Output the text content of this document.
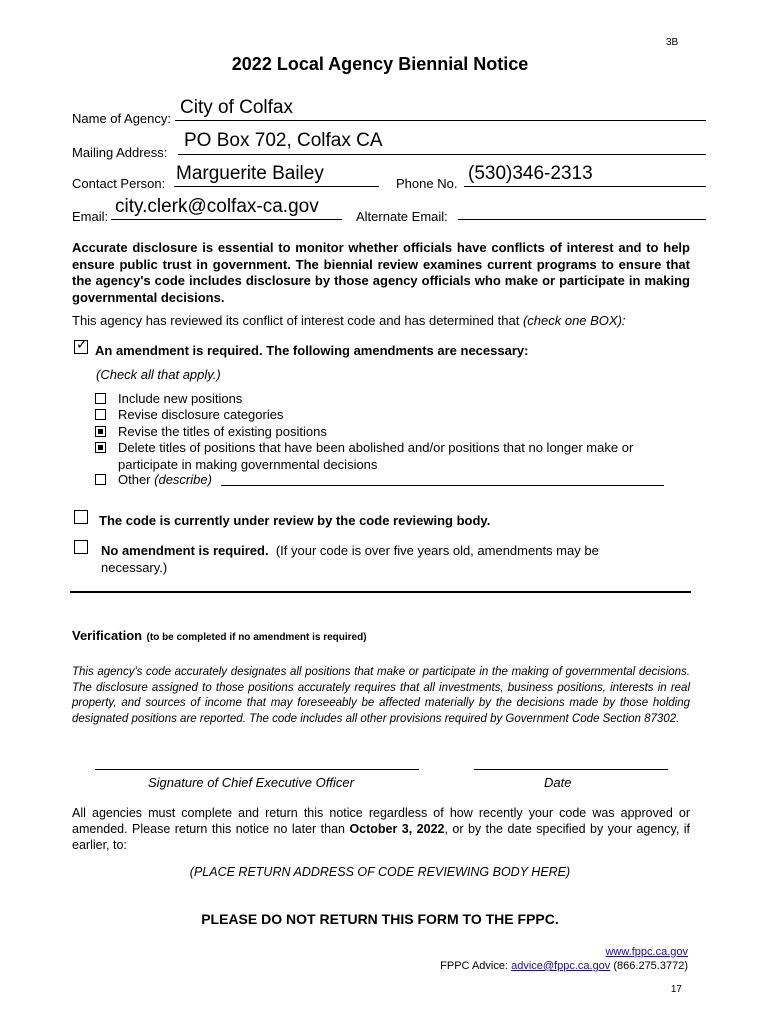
3B
2022 Local Agency Biennial Notice
Name of Agency:
City of Colfax
Mailing Address:
PO Box 702, Colfax CA
Contact Person: Marguerite Bailey	Phone No. (530)346-2313
Email: city.clerk@colfax-ca.gov	Alternate Email:
Accurate disclosure is essential to monitor whether officials have conflicts of interest and to help ensure public trust in government. The biennial review examines current programs to ensure that the agency's code includes disclosure by those agency officials who make or participate in making governmental decisions.
This agency has reviewed its conflict of interest code and has determined that (check one BOX):
✓
An amendment is required. The following amendments are necessary:
(Check all that apply.)
Include new positions
Revise disclosure categories
Revise the titles of existing positions
Delete titles of positions that have been abolished and/or positions that no longer make or
participate in making governmental decisions
Other (describe)
The code is currently under review by the code reviewing body.
No amendment is required. (If your code is over five years old, amendments may be
necessary.)
Verification (to be completed if no amendment is required)
This agency's code accurately designates all positions that make or participate in the making of governmental decisions. The disclosure assigned to those positions accurately requires that all investments, business positions, interests in real property, and sources of income that may foreseeably be affected materially by the decisions made by those holding designated positions are reported. The code includes all other provisions required by Government Code Section 87302.
Signature of Chief Executive Officer	Date
All agencies must complete and return this notice regardless of how recently your code was approved or amended. Please return this notice no later than October 3, 2022, or by the date specified by your agency, if earlier, to:
(PLACE RETURN ADDRESS OF CODE REVIEWING BODY HERE)
PLEASE DO NOT RETURN THIS FORM TO THE FPPC.
www.fppc.ca.gov
FPPC Advice: advice@fppc.ca.gov (866.275.3772)
17
